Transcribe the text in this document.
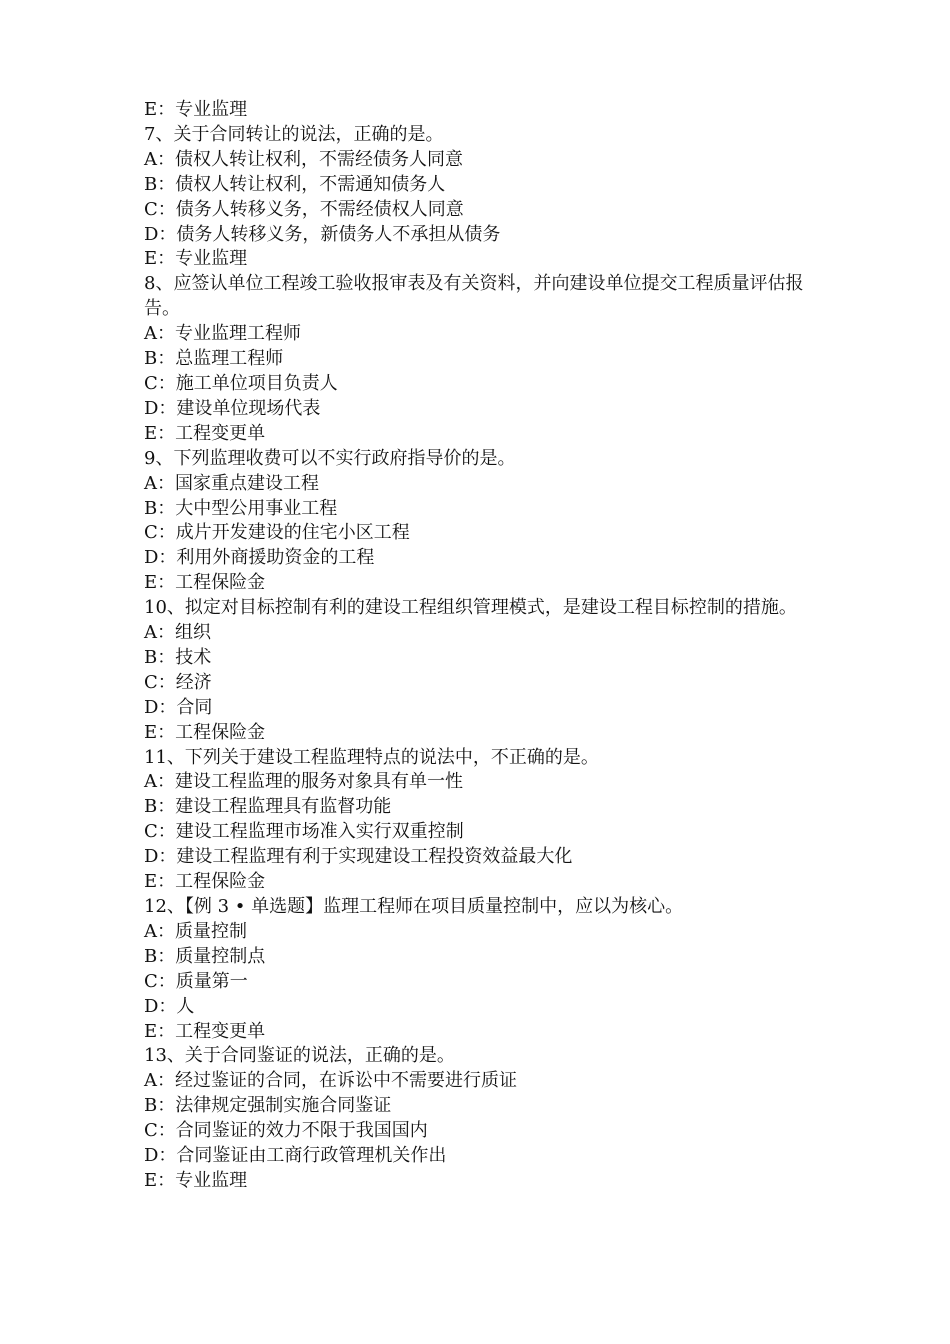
E：专业监理
7、关于合同转让的说法，正确的是。
A：债权人转让权利，不需经债务人同意
B：债权人转让权利，不需通知债务人
C：债务人转移义务，不需经债权人同意
D：债务人转移义务，新债务人不承担从债务
E：专业监理
8、应签认单位工程竣工验收报审表及有关资料，并向建设单位提交工程质量评估报告。
A：专业监理工程师
B：总监理工程师
C：施工单位项目负责人
D：建设单位现场代表
E：工程变更单
9、下列监理收费可以不实行政府指导价的是。
A：国家重点建设工程
B：大中型公用事业工程
C：成片开发建设的住宅小区工程
D：利用外商援助资金的工程
E：工程保险金
10、拟定对目标控制有利的建设工程组织管理模式，是建设工程目标控制的措施。
A：组织
B：技术
C：经济
D：合同
E：工程保险金
11、下列关于建设工程监理特点的说法中，不正确的是。
A：建设工程监理的服务对象具有单一性
B：建设工程监理具有监督功能
C：建设工程监理市场准入实行双重控制
D：建设工程监理有利于实现建设工程投资效益最大化
E：工程保险金
12、【例 3 • 单选题】监理工程师在项目质量控制中，应以为核心。
A：质量控制
B：质量控制点
C：质量第一
D：人
E：工程变更单
13、关于合同鉴证的说法，正确的是。
A：经过鉴证的合同，在诉讼中不需要进行质证
B：法律规定强制实施合同鉴证
C：合同鉴证的效力不限于我国国内
D：合同鉴证由工商行政管理机关作出
E：专业监理
